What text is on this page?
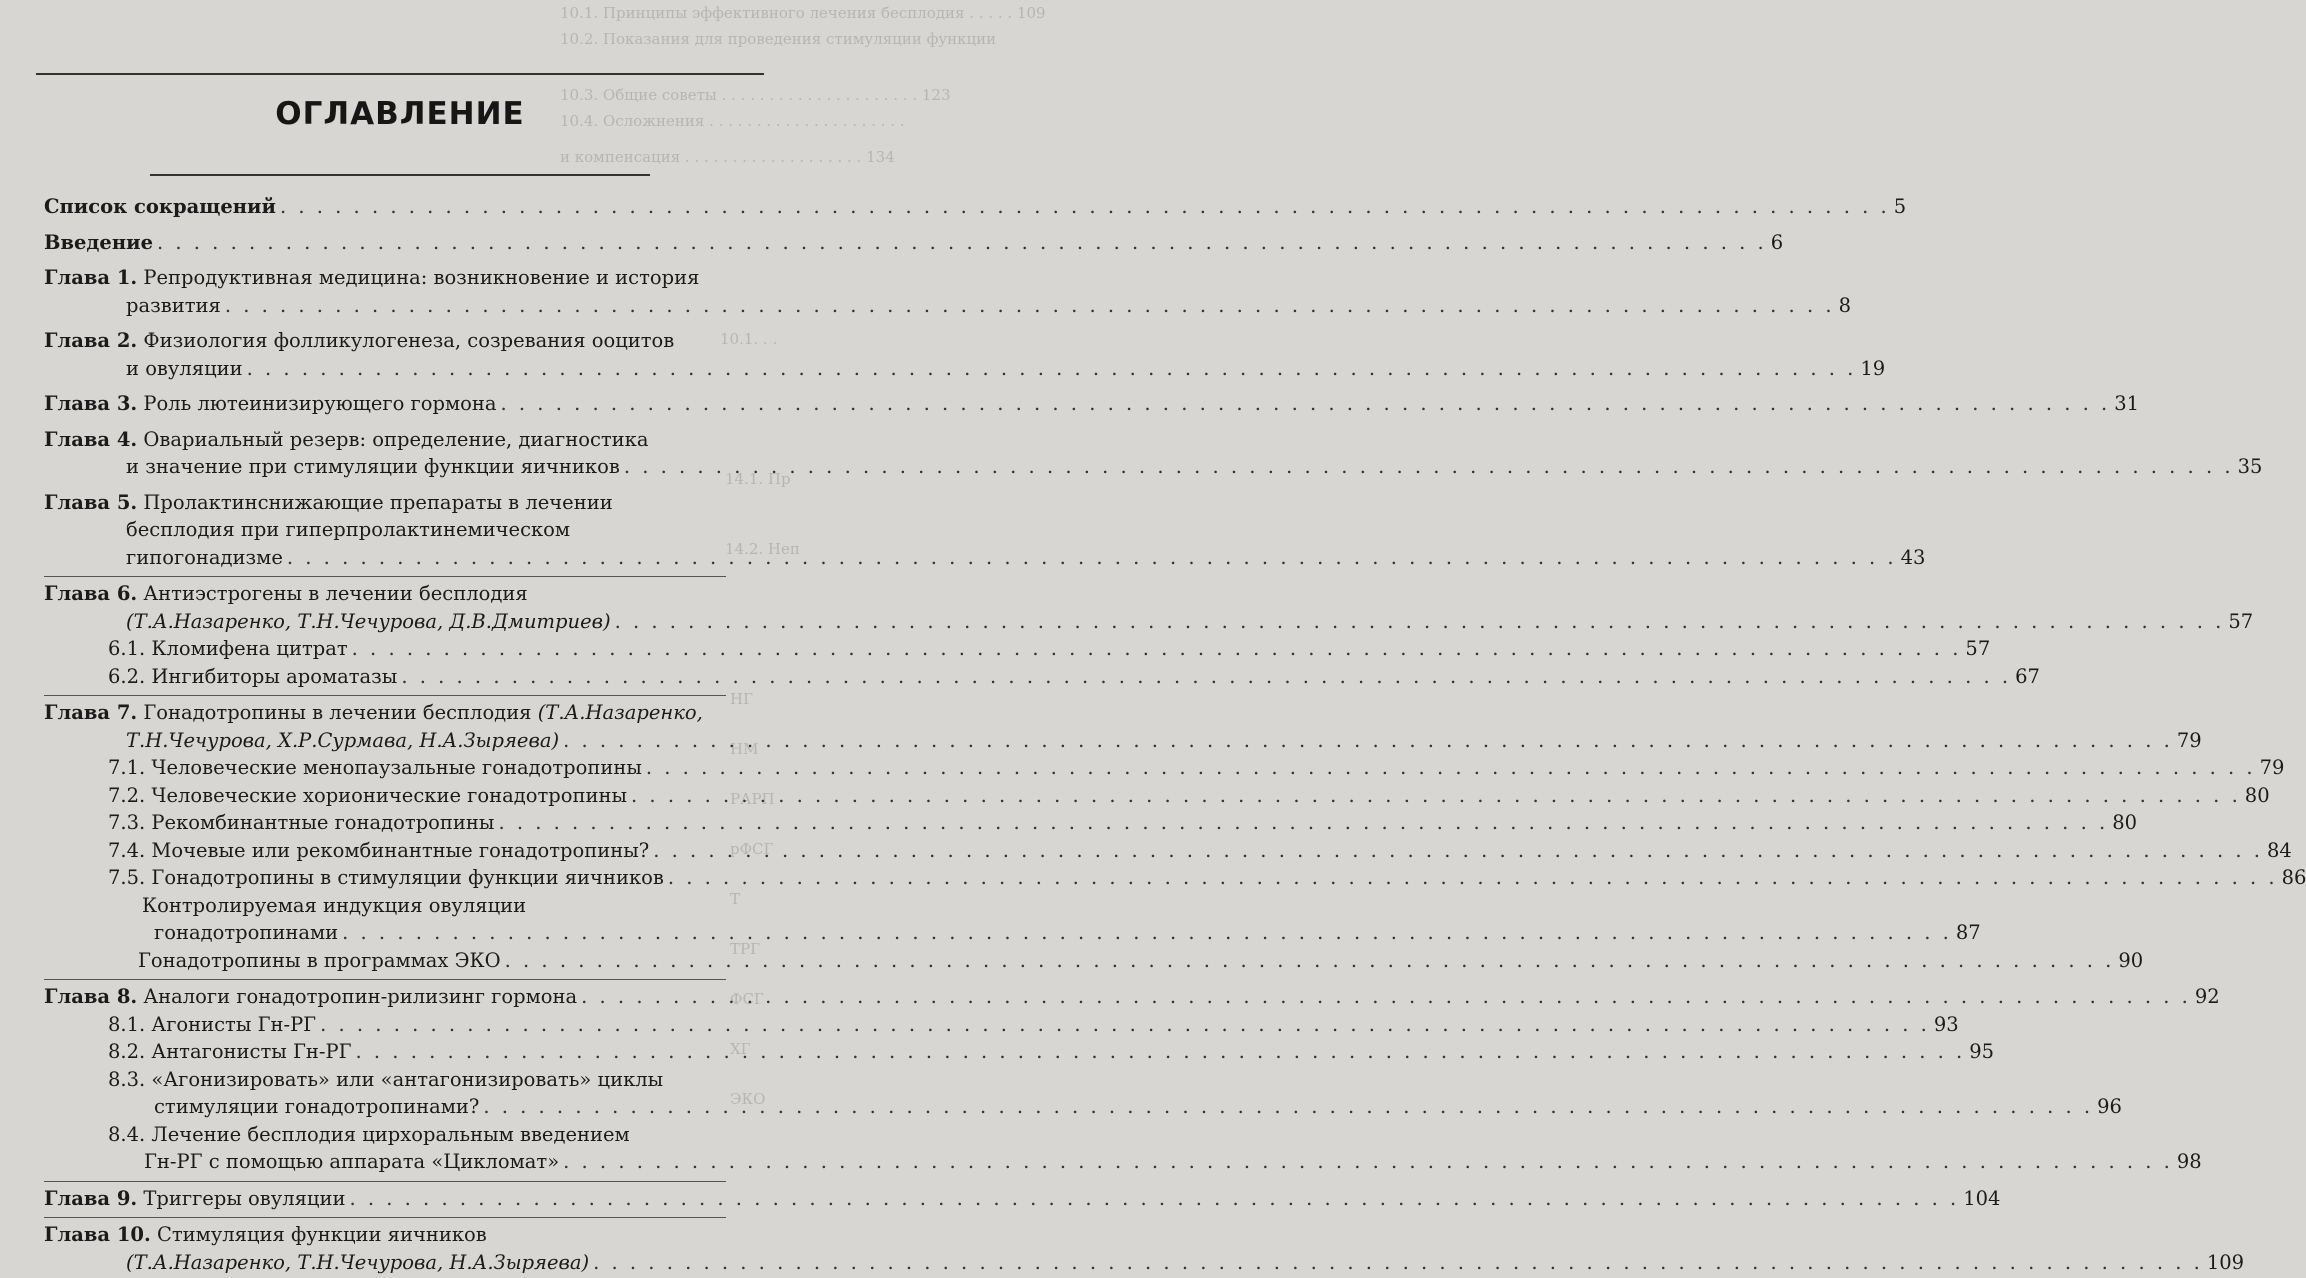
10.1. Принципы эффективного лечения бесплодия . . . . . 109
10.2. Показания для проведения стимуляции функции
10.3. Общие советы . . . . . . . . . . . . . . . . . . . . . 123
10.4. Осложнения . . . . . . . . . . . . . . . . . . . . .
и компенсация . . . . . . . . . . . . . . . . . . . 134
10.1. . .
14.1. Пр
14.2. Неп
НГ
НМ
РАРП
рФСГ
Т
ТРГ
ФСГ
ХГ
ЭКО
ОГЛАВЛЕНИЕ
Список сокращений . . .	5
Введение . . .	6
Глава 1. Репродуктивная медицина: возникновение и история
развития . . .	8
Глава 2. Физиология фолликулогенеза, созревания ооцитов
и овуляции . . .	19
Глава 3. Роль лютеинизирующего гормона . . .	31
Глава 4. Овариальный резерв: определение, диагностика
и значение при стимуляции функции яичников . . .	35
Глава 5. Пролактинснижающие препараты в лечении
бесплодия при гиперпролактинемическом
гипогонадизме . . .	43
Глава 6. Антиэстрогены в лечении бесплодия
(Т.А.Назаренко, Т.Н.Чечурова, Д.В.Дмитриев) . . .	57
6.1. Кломифена цитрат . . .	57
6.2. Ингибиторы ароматазы . . .	67
Глава 7. Гонадотропины в лечении бесплодия (Т.А.Назаренко,
Т.Н.Чечурова, Х.Р.Сурмава, Н.А.Зыряева) . . .	79
7.1. Человеческие менопаузальные гонадотропины . . .	79
7.2. Человеческие хорионические гонадотропины . . .	80
7.3. Рекомбинантные гонадотропины . . .	80
7.4. Мочевые или рекомбинантные гонадотропины? . . .	84
7.5. Гонадотропины в стимуляции функции яичников . . .	86
Контролируемая индукция овуляции
гонадотропинами . . .	87
Гонадотропины в программах ЭКО . . .	90
Глава 8. Аналоги гонадотропин-рилизинг гормона . . .	92
8.1. Агонисты Гн-РГ . . .	93
8.2. Антагонисты Гн-РГ . . .	95
8.3. «Агонизировать» или «антагонизировать» циклы
стимуляции гонадотропинами? . . .	96
8.4. Лечение бесплодия цирхоральным введением
Гн-РГ с помощью аппарата «Цикломат» . . .	98
Глава 9. Триггеры овуляции . . .	104
Глава 10. Стимуляция функции яичников
(Т.А.Назаренко, Т.Н.Чечурова, Н.А.Зыряева) . . .	109
